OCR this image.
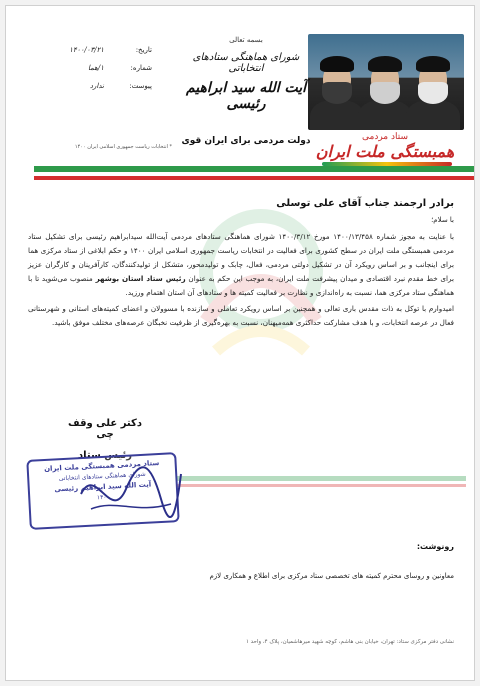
ستاد مردمی
همبستگی ملت ایران
بسمه تعالی
شورای هماهنگی ستادهای انتخاباتی
آیت الله سید ابراهیم رئیسی
دولت مردمی برای ایران قوی
تاریخ:
۱۴۰۰/۰۳/۲۱
شماره:
۱/هما
پیوست:
ندارد
* انتخابات ریاست جمهوری اسلامی ایران ۱۴۰۰
برادر ارجمند جناب آقای علی توسلی
با سلام؛

با عنایت به مجوز شماره ۱۴۰۰/۱۳/۴۵۸ مورخ ۱۴۰۰/۳/۱۲ شورای هماهنگی ستادهای مردمی آیت‌الله سیدابراهیم رئیسی برای تشکیل ستاد مردمی همبستگی ملت ایران در سطح کشوری برای فعالیت در انتخابات ریاست جمهوری اسلامی ایران ۱۴۰۰ و حکم ابلاغی از ستاد مرکزی هما برای اینجانب و بر اساس رویکرد آن در تشکیل دولتی مردمی، فعال، چابک و تولیدمحور، متشکل از تولیدکنندگان، کارآفرینان و کارگران عزیز برای خط مقدم نبرد اقتصادی و میدان پیشرفت ملت ایران، به موجب این حکم به عنوان رئیس ستاد استان بوشهر منصوب می‌شوید تا با هماهنگی ستاد مرکزی هما، نسبت به راه‌اندازی و نظارت بر فعالیت کمیته ها و ستادهای آن استان اهتمام ورزید.

امیدوارم با توکل به ذات مقدس باری تعالی و همچنین بر اساس رویکرد تعاملی و سازنده با مسوولان و اعضای کمیته‌های استانی و شهرستانی فعال در عرصه انتخابات، و با هدف مشارکت حداکثری همه‌میهنان، نسبت به بهره‌گیری از ظرفیت نخبگان عرصه‌های مختلف موفق باشید.

دکتر علی وقف چی
رئیس ستاد
ستاد مردمی همبستگی ملت ایران
شورای هماهنگی ستادهای انتخاباتی
آیت الله سید ابراهیم رئیسی
۱۴۰۰
رونوشت:
معاونین و روسای محترم کمیته های تخصصی ستاد مرکزی برای اطلاع و همکاری لازم
نشانی دفتر مرکزی ستاد: تهران، خیابان بنی هاشم، کوچه شهید میرهاشمیان، پلاک ۴، واحد ۱
